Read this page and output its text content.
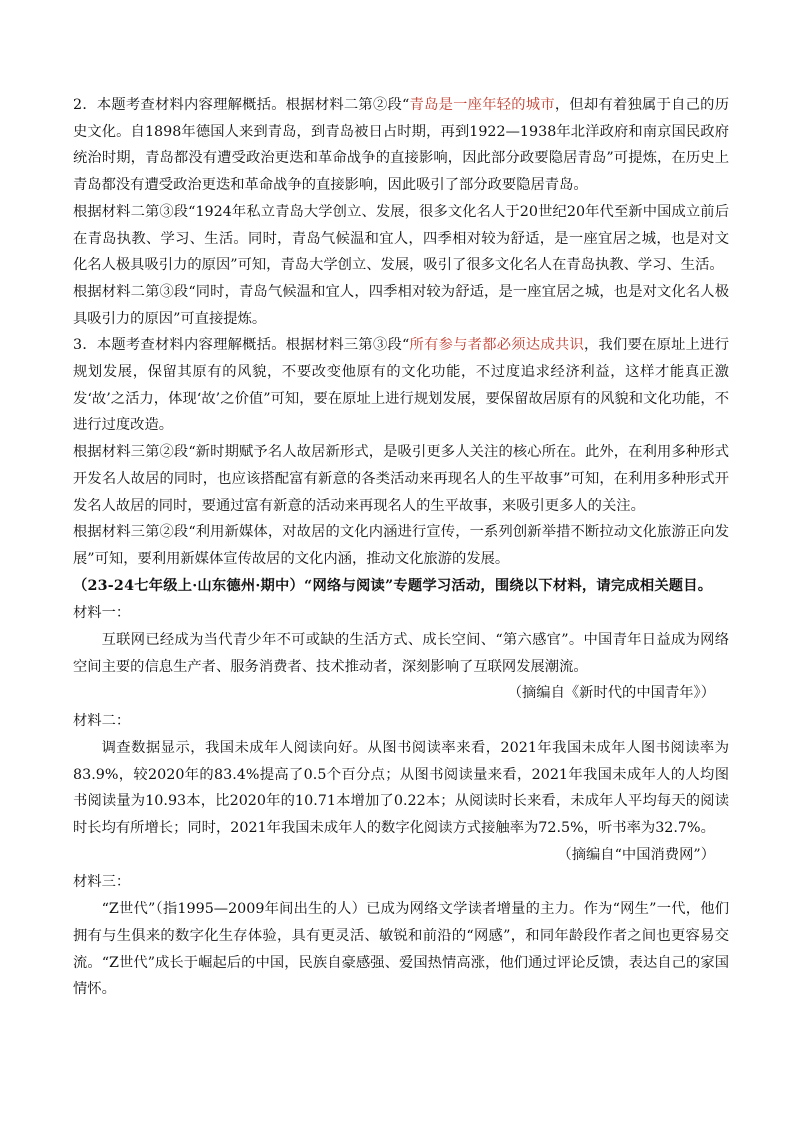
2．本题考查材料内容理解概括。根据材料二第②段“青岛是一座年轻的城市，但却有着独属于自己的历史文化。自1898年德国人来到青岛，到青岛被日占时期，再到1922—1938年北洋政府和南京国民政府统治时期，青岛都没有遭受政治更迭和革命战争的直接影响，因此部分政要隐居青岛”可提炼，在历史上青岛都没有遭受政治更迭和革命战争的直接影响，因此吸引了部分政要隐居青岛。

根据材料二第③段“1924年私立青岛大学创立、发展，很多文化名人于20世纪20年代至新中国成立前后在青岛执教、学习、生活。同时，青岛气候温和宜人，四季相对较为舒适，是一座宜居之城，也是对文化名人极具吸引力的原因”可知，青岛大学创立、发展，吸引了很多文化名人在青岛执教、学习、生活。

根据材料二第③段“同时，青岛气候温和宜人，四季相对较为舒适，是一座宜居之城，也是对文化名人极具吸引力的原因”可直接提炼。

3．本题考查材料内容理解概括。根据材料三第③段“所有参与者都必须达成共识，我们要在原址上进行规划发展，保留其原有的风貌，不要改变他原有的文化功能，不过度追求经济利益，这样才能真正激发‘故’之活力，体现‘故’之价值”可知，要在原址上进行规划发展，要保留故居原有的风貌和文化功能，不进行过度改造。

根据材料三第②段“新时期赋予名人故居新形式，是吸引更多人关注的核心所在。此外，在利用多种形式开发名人故居的同时，也应该搭配富有新意的各类活动来再现名人的生平故事”可知，在利用多种形式开发名人故居的同时，要通过富有新意的活动来再现名人的生平故事，来吸引更多人的关注。

根据材料三第②段“利用新媒体，对故居的文化内涵进行宣传，一系列创新举措不断拉动文化旅游正向发展”可知，要利用新媒体宣传故居的文化内涵，推动文化旅游的发展。

（23-24七年级上·山东德州·期中）“网络与阅读”专题学习活动，围绕以下材料，请完成相关题目。

材料一：

互联网已经成为当代青少年不可或缺的生活方式、成长空间、“第六感官”。中国青年日益成为网络空间主要的信息生产者、服务消费者、技术推动者，深刻影响了互联网发展潮流。

（摘编自《新时代的中国青年》）

材料二：

调查数据显示，我国未成年人阅读向好。从图书阅读率来看，2021年我国未成年人图书阅读率为83.9%，较2020年的83.4%提高了0.5个百分点；从图书阅读量来看，2021年我国未成年人的人均图书阅读量为10.93本，比2020年的10.71本增加了0.22本；从阅读时长来看，未成年人平均每天的阅读时长均有所增长；同时，2021年我国未成年人的数字化阅读方式接触率为72.5%，听书率为32.7%。

（摘编自“中国消费网”）

材料三：

“Z世代”（指1995—2009年间出生的人）已成为网络文学读者增量的主力。作为“网生”一代，他们拥有与生俱来的数字化生存体验，具有更灵活、敏锐和前沿的“网感”，和同年龄段作者之间也更容易交流。“Z世代”成长于崛起后的中国，民族自豪感强、爱国热情高涨，他们通过评论反馈，表达自己的家国情怀。
